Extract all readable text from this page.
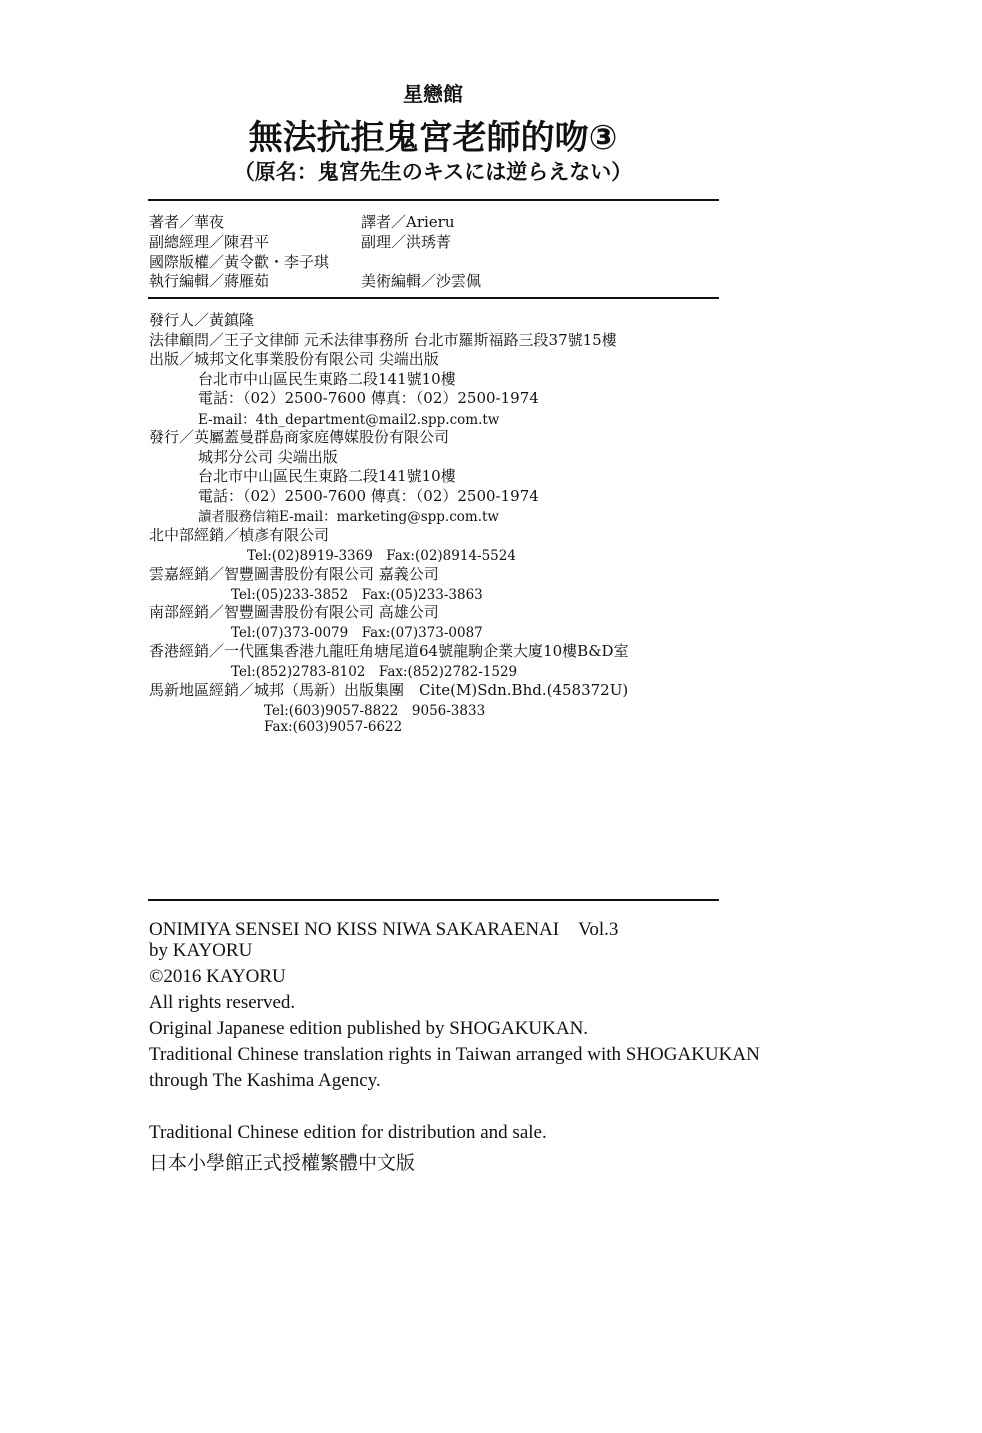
星戀館
無法抗拒鬼宮老師的吻③
（原名：鬼宮先生のキスには逆らえない）
著者／華夜	譯者／Arieru
副總經理／陳君平	副理／洪琇菁
國際版權／黃令歡・李子琪
執行編輯／蔣雁茹	美術編輯／沙雲佩
發行人／黃鎮隆
法律顧問／王子文律師 元禾法律事務所 台北市羅斯福路三段37號15樓
出版／城邦文化事業股份有限公司 尖端出版
台北市中山區民生東路二段141號10樓
電話：（02）2500-7600 傳真：（02）2500-1974
E-mail：4th_department@mail2.spp.com.tw
發行／英屬蓋曼群島商家庭傳媒股份有限公司
城邦分公司 尖端出版
台北市中山區民生東路二段141號10樓
電話：（02）2500-7600 傳真：（02）2500-1974
讀者服務信箱E-mail：marketing@spp.com.tw
北中部經銷／楨彥有限公司
Tel:(02)8919-3369　Fax:(02)8914-5524
雲嘉經銷／智豐圖書股份有限公司 嘉義公司
Tel:(05)233-3852　Fax:(05)233-3863
南部經銷／智豐圖書股份有限公司 高雄公司
Tel:(07)373-0079　Fax:(07)373-0087
香港經銷／一代匯集香港九龍旺角塘尾道64號龍駒企業大廈10樓B&D室
Tel:(852)2783-8102　Fax:(852)2782-1529
馬新地區經銷／城邦（馬新）出版集團　Cite(M)Sdn.Bhd.(458372U)
Tel:(603)9057-8822　9056-3833
Fax:(603)9057-6622
ONIMIYA SENSEI NO KISS NIWA SAKARAENAI　Vol.3
by KAYORU
©2016 KAYORU
All rights reserved.
Original Japanese edition published by SHOGAKUKAN.
Traditional Chinese translation rights in Taiwan arranged with SHOGAKUKAN
through The Kashima Agency.
Traditional Chinese edition for distribution and sale.
日本小學館正式授權繁體中文版
